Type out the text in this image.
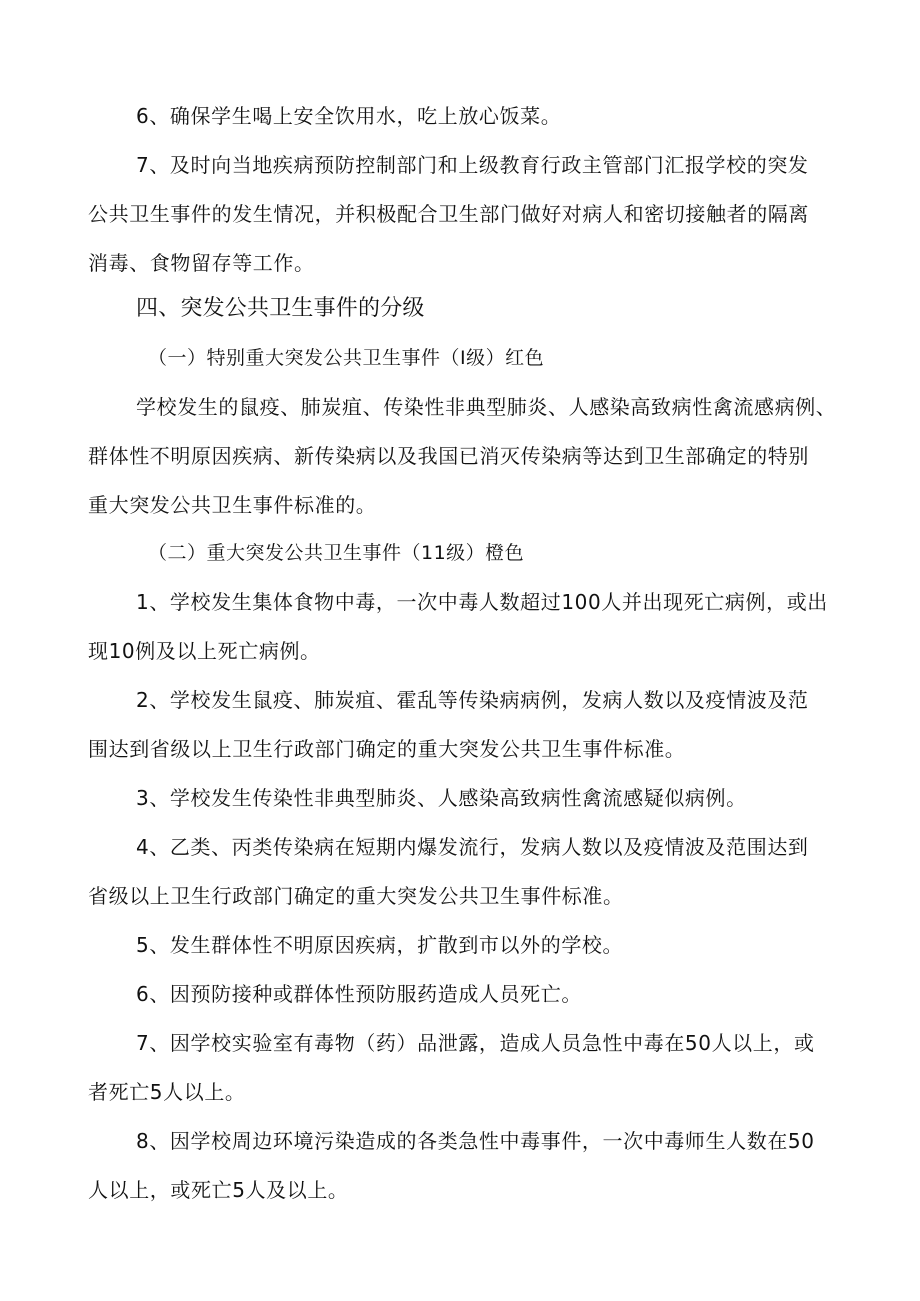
6、确保学生喝上安全饮用水，吃上放心饭菜。
7、及时向当地疾病预防控制部门和上级教育行政主管部门汇报学校的突发
公共卫生事件的发生情况，并积极配合卫生部门做好对病人和密切接触者的隔离
消毒、食物留存等工作。
四、突发公共卫生事件的分级
（一）特别重大突发公共卫生事件（I级）红色
学校发生的鼠疫、肺炭疽、传染性非典型肺炎、人感染高致病性禽流感病例、
群体性不明原因疾病、新传染病以及我国已消灭传染病等达到卫生部确定的特别
重大突发公共卫生事件标准的。
（二）重大突发公共卫生事件（11级）橙色
1、学校发生集体食物中毒，一次中毒人数超过100人并出现死亡病例，或出
现10例及以上死亡病例。
2、学校发生鼠疫、肺炭疽、霍乱等传染病病例，发病人数以及疫情波及范
围达到省级以上卫生行政部门确定的重大突发公共卫生事件标准。
3、学校发生传染性非典型肺炎、人感染高致病性禽流感疑似病例。
4、乙类、丙类传染病在短期内爆发流行，发病人数以及疫情波及范围达到
省级以上卫生行政部门确定的重大突发公共卫生事件标准。
5、发生群体性不明原因疾病，扩散到市以外的学校。
6、因预防接种或群体性预防服药造成人员死亡。
7、因学校实验室有毒物（药）品泄露，造成人员急性中毒在50人以上，或
者死亡5人以上。
8、因学校周边环境污染造成的各类急性中毒事件，一次中毒师生人数在50
人以上，或死亡5人及以上。
